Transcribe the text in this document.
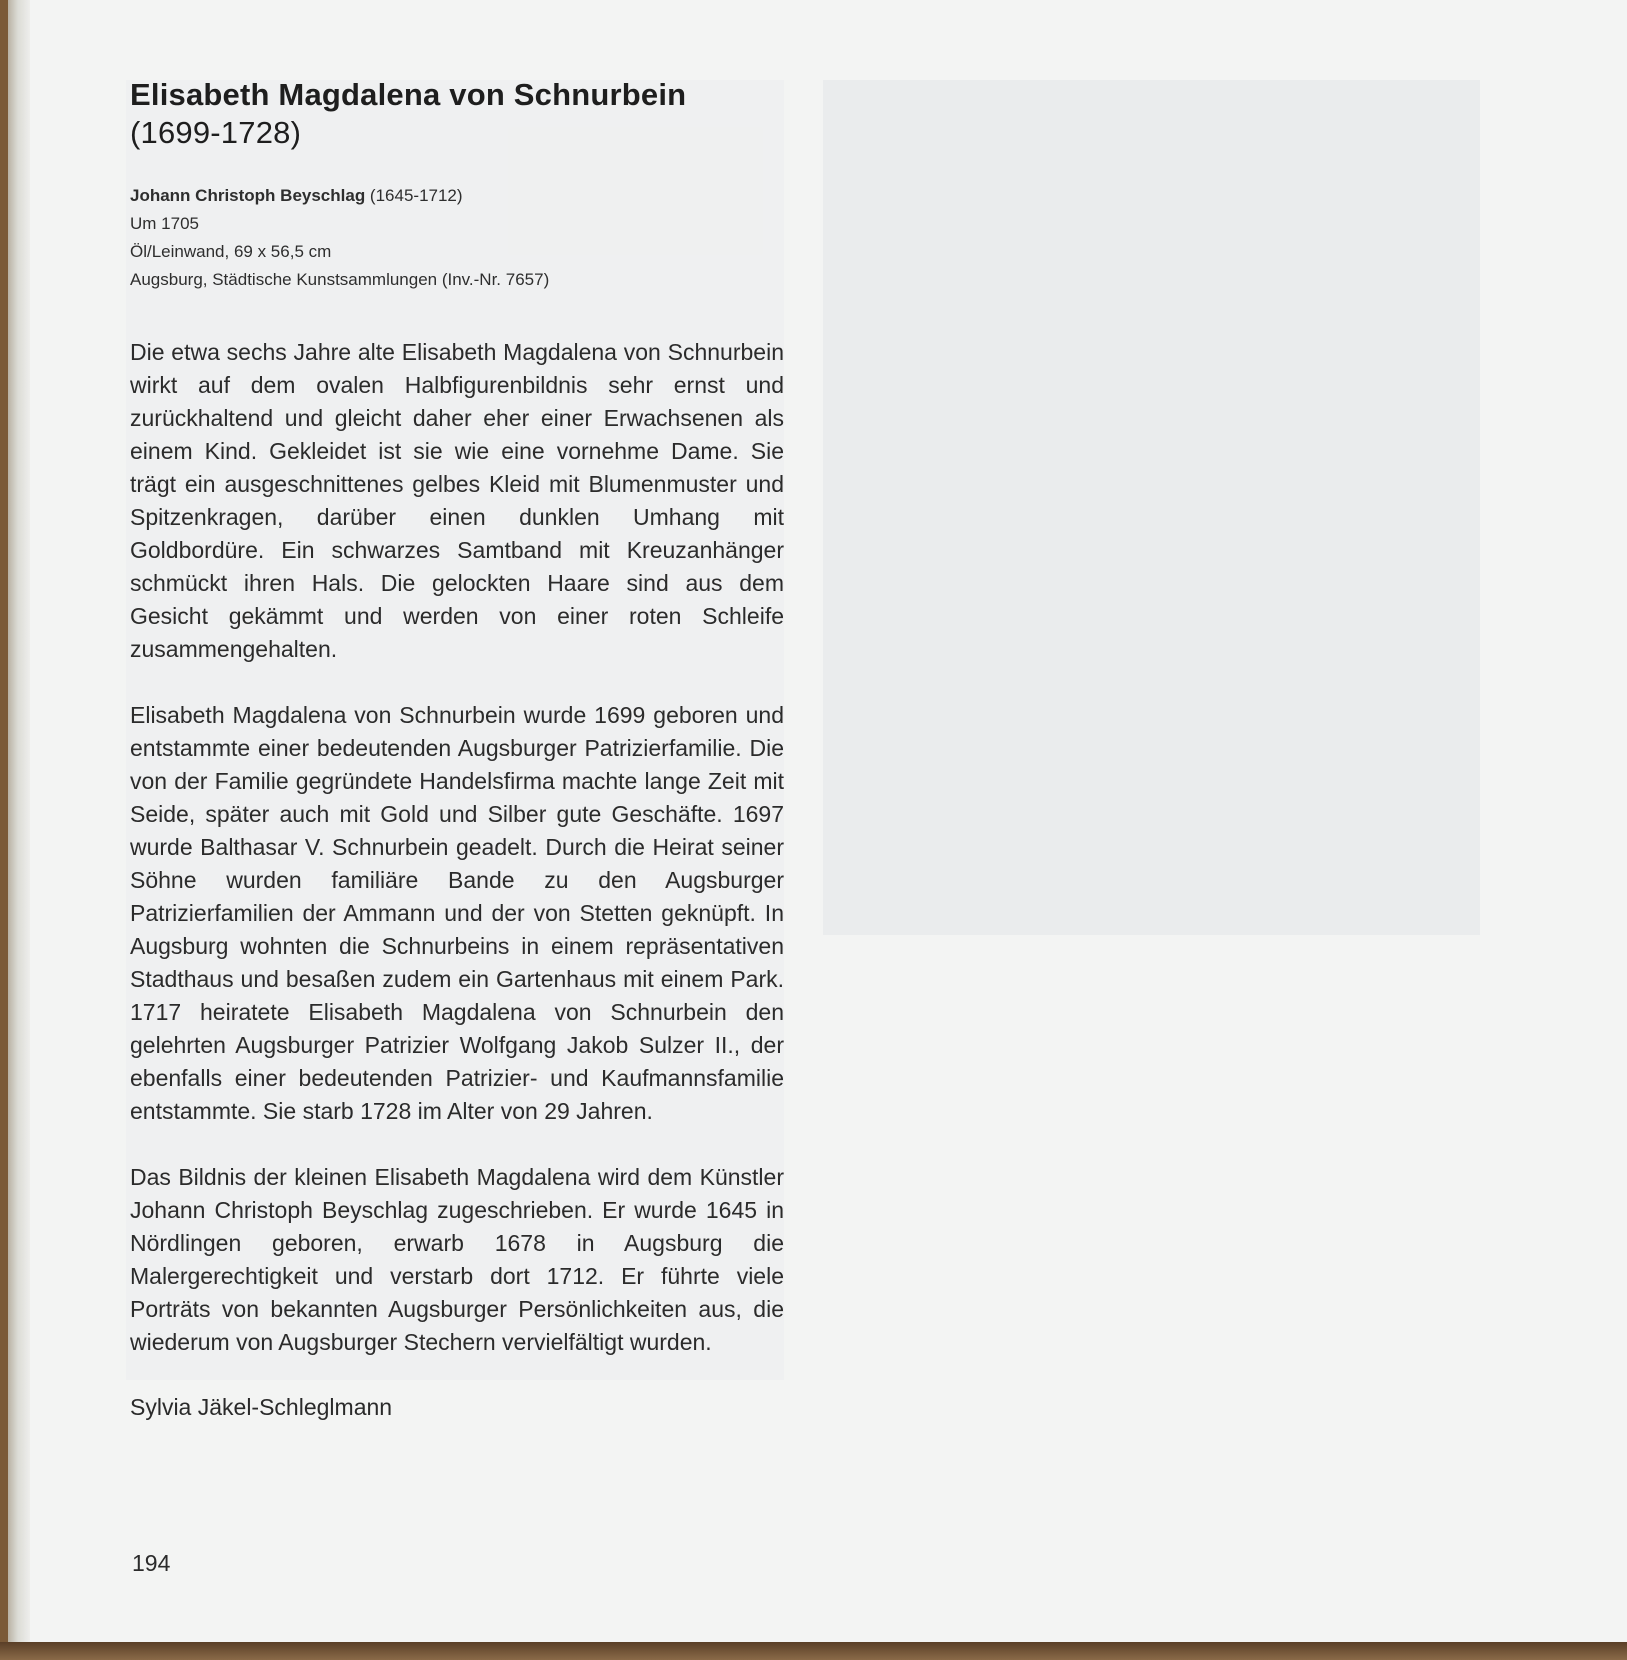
Elisabeth Magdalena von Schnurbein
(1699-1728)
Johann Christoph Beyschlag (1645-1712)
Um 1705
Öl/Leinwand, 69 x 56,5 cm
Augsburg, Städtische Kunstsammlungen (Inv.-Nr. 7657)

Die etwa sechs Jahre alte Elisabeth Magdalena von Schnurbein wirkt auf dem ovalen Halbfigurenbildnis sehr ernst und zurückhaltend und gleicht daher eher einer Erwachsenen als einem Kind. Gekleidet ist sie wie eine vornehme Dame. Sie trägt ein ausgeschnittenes gelbes Kleid mit Blumenmuster und Spitzenkragen, darüber einen dunklen Umhang mit Goldbordüre. Ein schwarzes Samtband mit Kreuzanhänger schmückt ihren Hals. Die gelockten Haare sind aus dem Gesicht gekämmt und werden von einer roten Schleife zusammengehalten.

Elisabeth Magdalena von Schnurbein wurde 1699 geboren und entstammte einer bedeutenden Augsburger Patrizierfamilie. Die von der Familie gegründete Handelsfirma machte lange Zeit mit Seide, später auch mit Gold und Silber gute Geschäfte. 1697 wurde Balthasar V. Schnurbein geadelt. Durch die Heirat seiner Söhne wurden familiäre Bande zu den Augsburger Patrizierfamilien der Ammann und der von Stetten geknüpft. In Augsburg wohnten die Schnurbeins in einem repräsentativen Stadthaus und besaßen zudem ein Gartenhaus mit einem Park. 1717 heiratete Elisabeth Magdalena von Schnurbein den gelehrten Augsburger Patrizier Wolfgang Jakob Sulzer II., der ebenfalls einer bedeutenden Patrizier- und Kaufmannsfamilie entstammte. Sie starb 1728 im Alter von 29 Jahren.

Das Bildnis der kleinen Elisabeth Magdalena wird dem Künstler Johann Christoph Beyschlag zugeschrieben. Er wurde 1645 in Nördlingen geboren, erwarb 1678 in Augsburg die Malergerechtigkeit und verstarb dort 1712. Er führte viele Porträts von bekannten Augsburger Persönlichkeiten aus, die wiederum von Augsburger Stechern vervielfältigt wurden.

Sylvia Jäkel-Schleglmann
194
